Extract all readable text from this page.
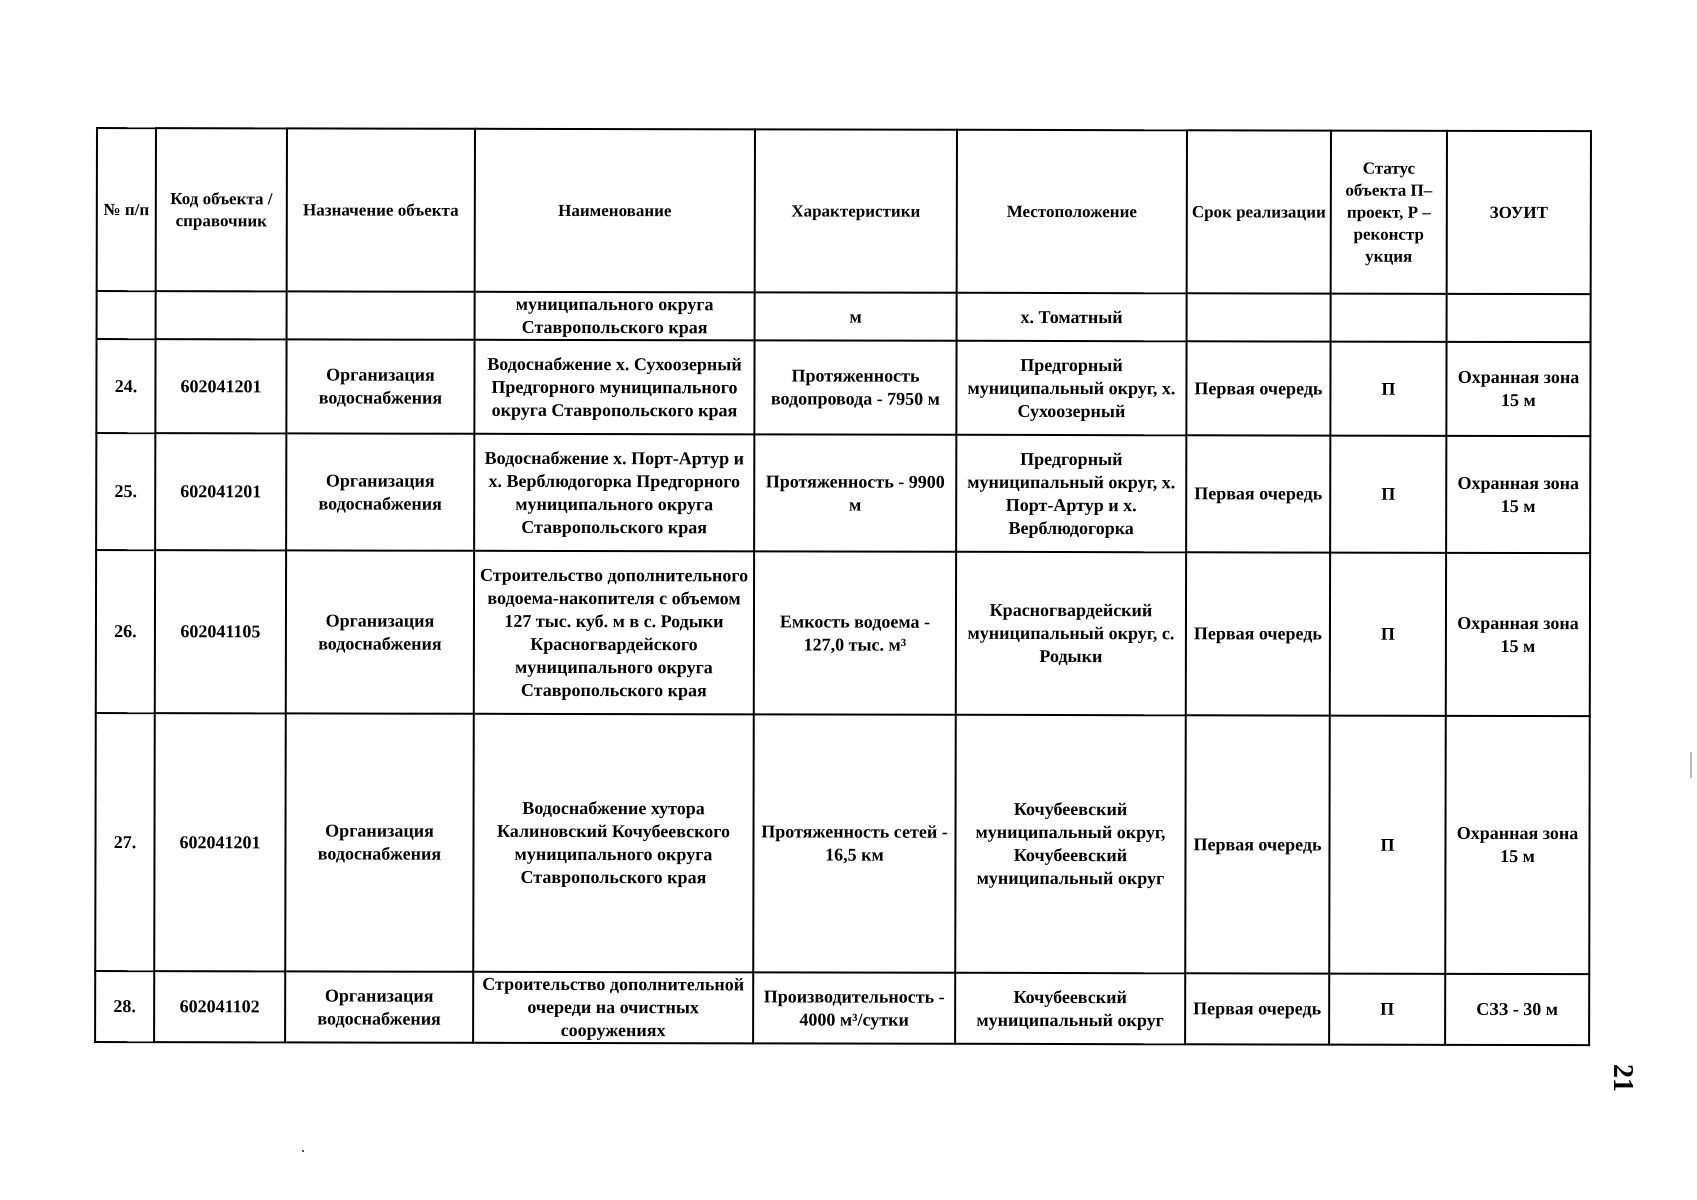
№ п/п	Код объекта / справочник	Назначение объекта	Наименование	Характеристики	Местоположение	Срок реализации	Статус объекта П– проект, Р – реконстр укция	ЗОУИТ
			муниципального округа Ставропольского края	м	х. Томатный			
24.	602041201	Организация водоснабжения	Водоснабжение х. Сухоозерный Предгорного муниципального округа Ставропольского края	Протяженность водопровода - 7950 м	Предгорный муниципальный округ, х. Сухоозерный	Первая очередь	П	Охранная зона 15 м
25.	602041201	Организация водоснабжения	Водоснабжение х. Порт-Артур и х. Верблюдогорка Предгорного муниципального округа Ставропольского края	Протяженность - 9900 м	Предгорный муниципальный округ, х. Порт-Артур и х. Верблюдогорка	Первая очередь	П	Охранная зона 15 м
26.	602041105	Организация водоснабжения	Строительство дополнительного водоема-накопителя с объемом 127 тыс. куб. м в с. Родыки Красногвардейского муниципального округа Ставропольского края	Емкость водоема - 127,0 тыс. м³	Красногвардейский муниципальный округ, с. Родыки	Первая очередь	П	Охранная зона 15 м
27.	602041201	Организация водоснабжения	Водоснабжение хутора Калиновский Кочубеевского муниципального округа Ставропольского края	Протяженность сетей - 16,5 км	Кочубеевский муниципальный округ, Кочубеевский муниципальный округ	Первая очередь	П	Охранная зона 15 м
28.	602041102	Организация водоснабжения	Строительство дополнительной очереди на очистных сооружениях	Производительность - 4000 м³/сутки	Кочубеевский муниципальный округ	Первая очередь	П	СЗЗ - 30 м
21
